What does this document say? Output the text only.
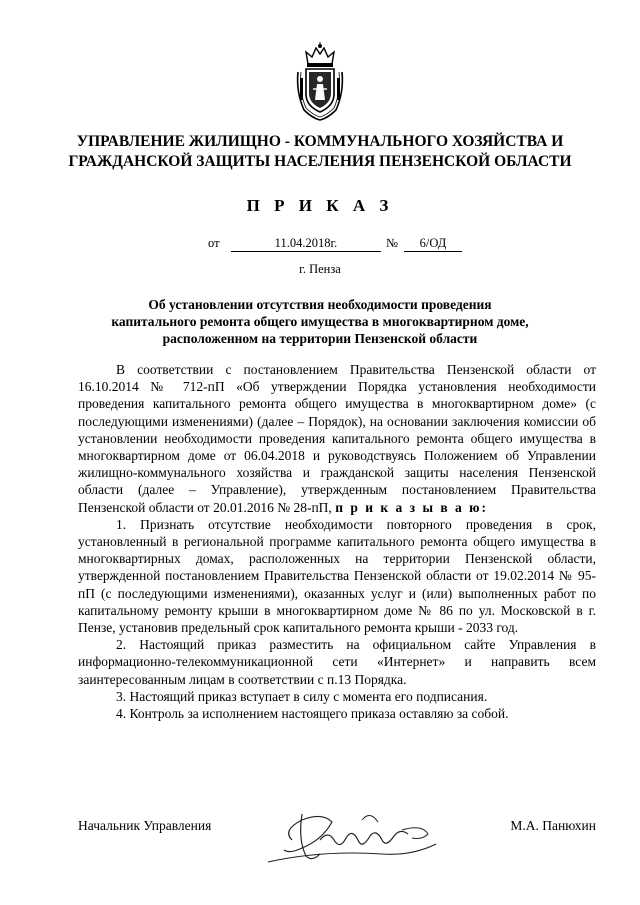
УПРАВЛЕНИЕ ЖИЛИЩНО - КОММУНАЛЬНОГО ХОЗЯЙСТВА И
ГРАЖДАНСКОЙ ЗАЩИТЫ НАСЕЛЕНИЯ ПЕНЗЕНСКОЙ ОБЛАСТИ
П Р И К А З
от	11.04.2018г.	№	6/ОД
г. Пенза
Об установлении отсутствия необходимости проведения
капитального ремонта общего имущества в многоквартирном доме,
расположенном на территории Пензенской области

В соответствии с постановлением Правительства Пензенской области от 16.10.2014 № 712-пП «Об утверждении Порядка установления необходимости проведения капитального ремонта общего имущества в многоквартирном доме» (с последующими изменениями) (далее – Порядок), на основании заключения комиссии об установлении необходимости проведения капитального ремонта общего имущества в многоквартирном доме от 06.04.2018 и руководствуясь Положением об Управлении жилищно-коммунального хозяйства и гражданской защиты населения Пензенской области (далее – Управление), утвержденным постановлением Правительства Пензенской области от 20.01.2016 № 28-пП, п р и к а з ы в а ю:

1. Признать отсутствие необходимости повторного проведения в срок, установленный в региональной программе капитального ремонта общего имущества в многоквартирных домах, расположенных на территории Пензенской области, утвержденной постановлением Правительства Пензенской области от 19.02.2014 № 95-пП (с последующими изменениями), оказанных услуг и (или) выполненных работ по капитальному ремонту крыши в многоквартирном доме № 86 по ул. Московской в г. Пензе, установив предельный срок капитального ремонта крыши - 2033 год.

2. Настоящий приказ разместить на официальном сайте Управления в информационно-телекоммуникационной сети «Интернет» и направить всем заинтересованным лицам в соответствии с п.13 Порядка.

3. Настоящий приказ вступает в силу с момента его подписания.

4. Контроль за исполнением настоящего приказа оставляю за собой.

Начальник Управления	М.А. Панюхин
